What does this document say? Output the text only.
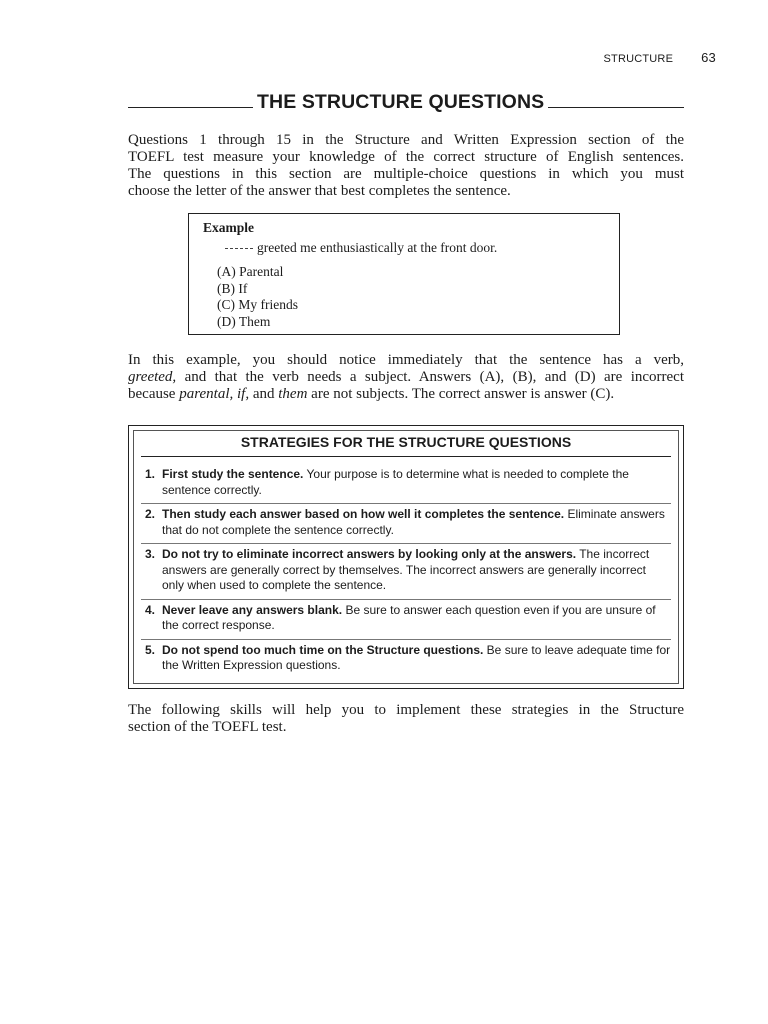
STRUCTURE 63
THE STRUCTURE QUESTIONS

Questions 1 through 15 in the Structure and Written Expression section of the
TOEFL test measure your knowledge of the correct structure of English sentences.
The questions in this section are multiple-choice questions in which you must
choose the letter of the answer that best completes the sentence.

Example

greeted me enthusiastically at the front door.

(A) Parental

(B) If

(C) My friends

(D) Them

In this example, you should notice immediately that the sentence has a verb,
greeted, and that the verb needs a subject. Answers (A), (B), and (D) are incorrect
because parental, if, and them are not subjects. The correct answer is answer (C).

STRATEGIES FOR THE STRUCTURE QUESTIONS
1. First study the sentence. Your purpose is to determine what is needed to complete the sentence correctly.
2. Then study each answer based on how well it completes the sentence. Eliminate answers that do not complete the sentence correctly.
3. Do not try to eliminate incorrect answers by looking only at the answers. The incorrect answers are generally correct by themselves. The incorrect answers are generally incorrect only when used to complete the sentence.
4. Never leave any answers blank. Be sure to answer each question even if you are unsure of the correct response.
5. Do not spend too much time on the Structure questions. Be sure to leave adequate time for the Written Expression questions.

The following skills will help you to implement these strategies in the Structure
section of the TOEFL test.
